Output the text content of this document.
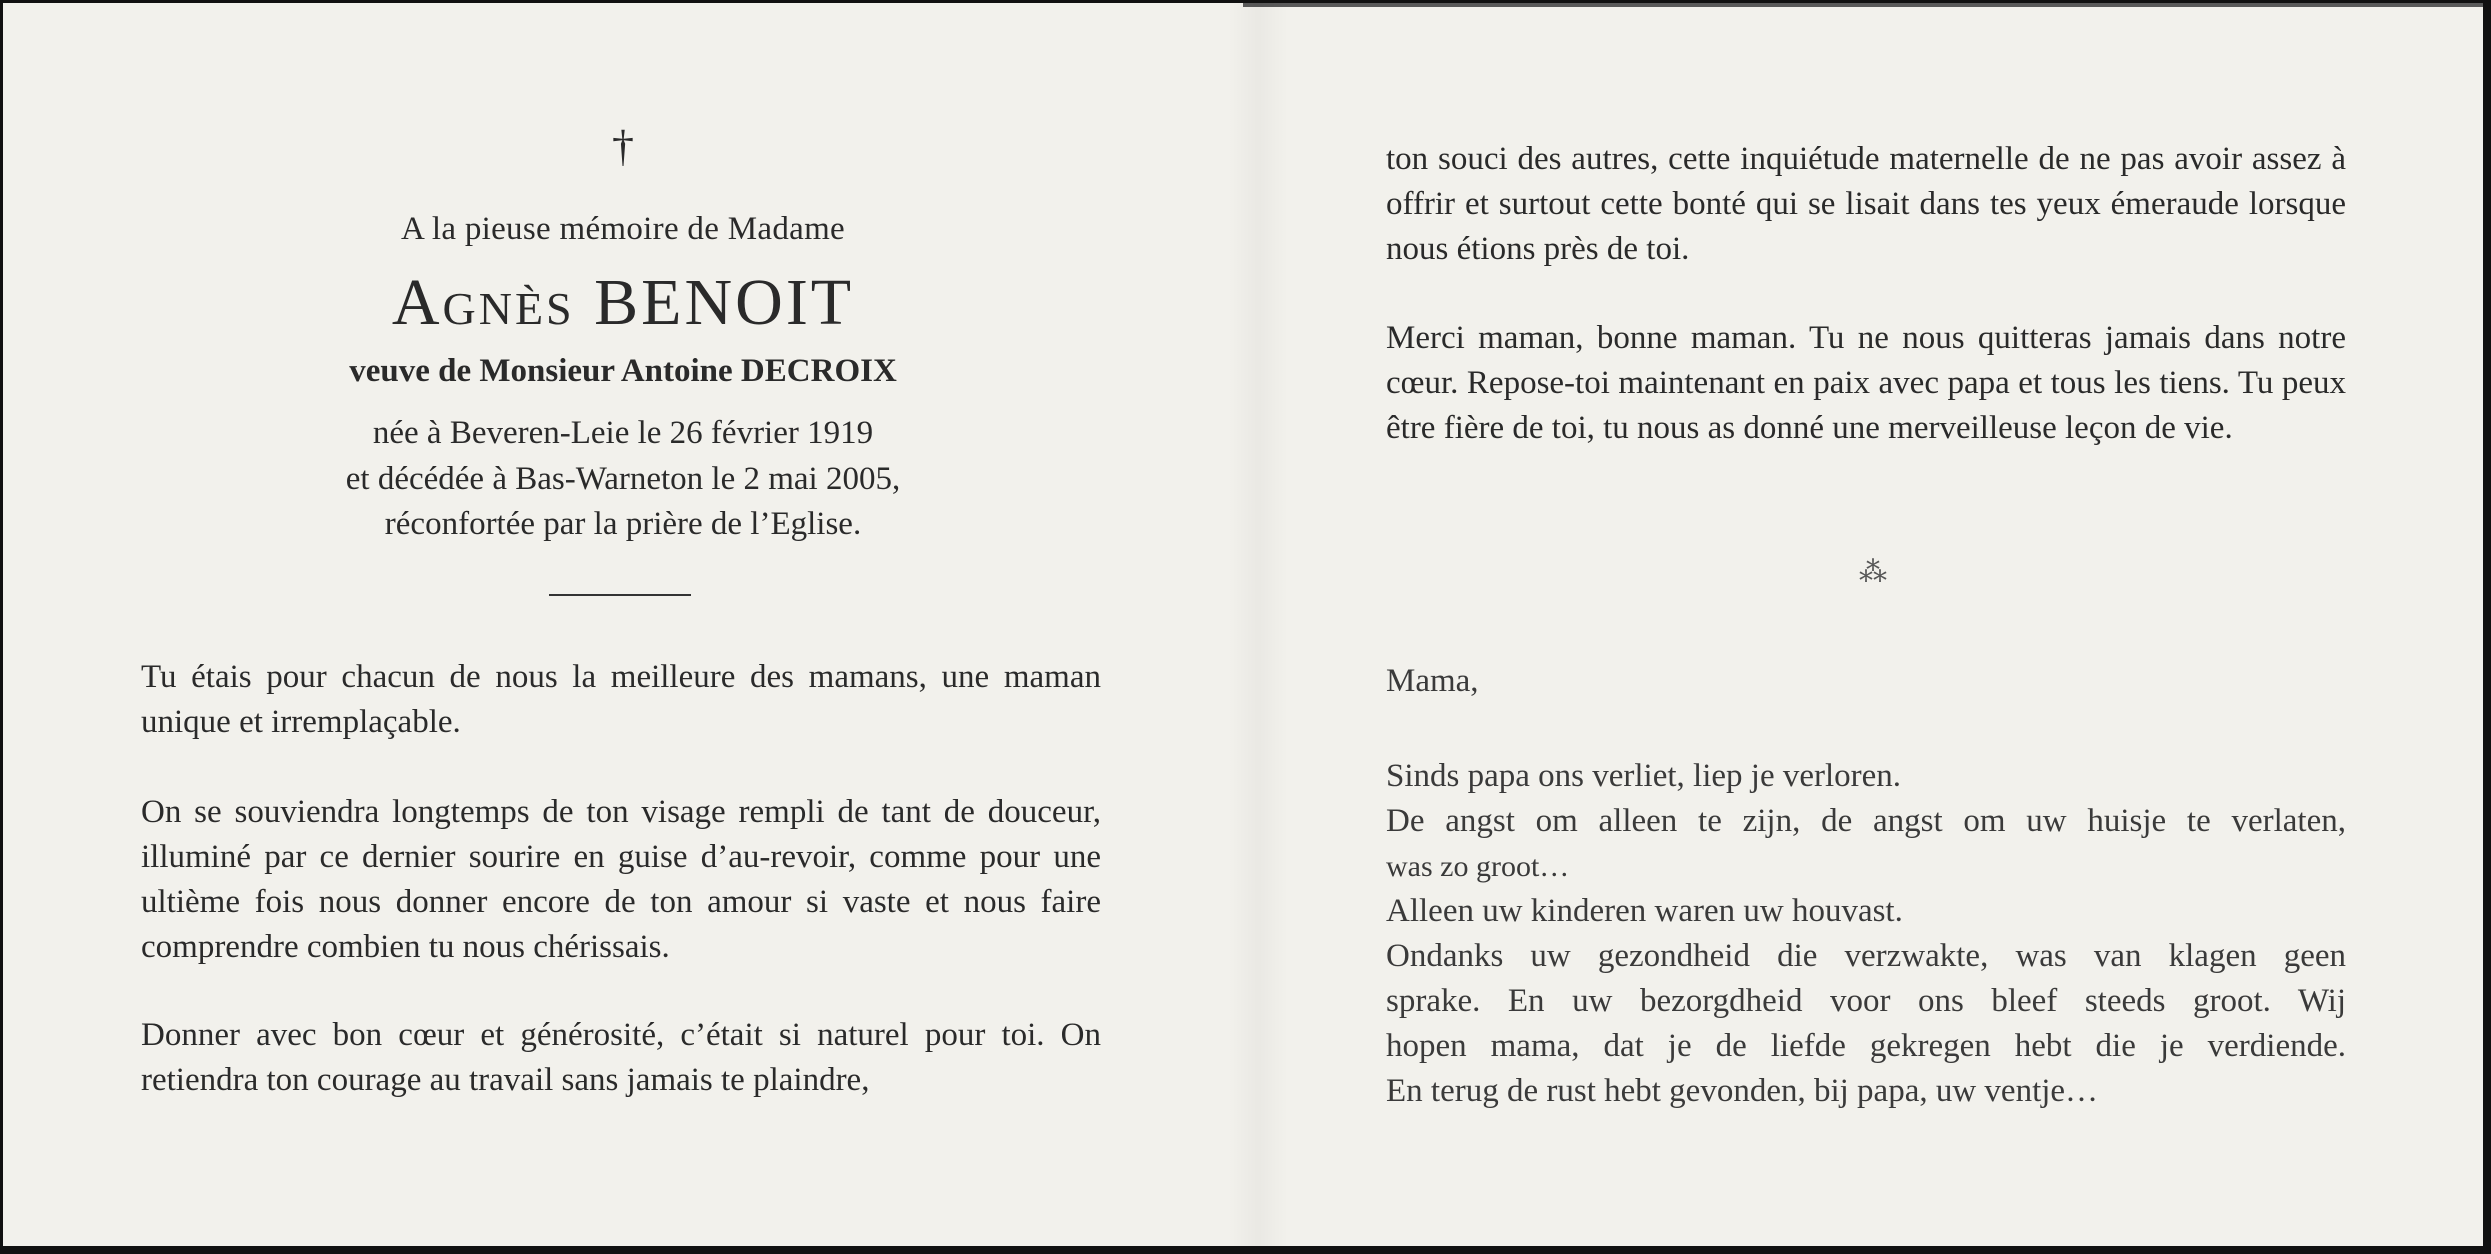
†
A la pieuse mémoire de Madame
Agnès BENOIT
veuve de Monsieur Antoine DECROIX
née à Beveren-Leie le 26 février 1919
et décédée à Bas-Warneton le 2 mai 2005,
réconfortée par la prière de l’Eglise.

Tu étais pour chacun de nous la meilleure des mamans, une maman unique et irremplaçable.

On se souviendra longtemps de ton visage rempli de tant de douceur, illuminé par ce dernier sourire en guise d’au-revoir, comme pour une ultième fois nous donner encore de ton amour si vaste et nous faire comprendre combien tu nous chérissais.

Donner avec bon cœur et générosité, c’était si naturel pour toi. On retiendra ton courage au travail sans jamais te plaindre,

ton souci des autres, cette inquiétude maternelle de ne pas avoir assez à offrir et surtout cette bonté qui se lisait dans tes yeux émeraude lorsque nous étions près de toi.

Merci maman, bonne maman. Tu ne nous quitteras jamais dans notre cœur. Repose-toi maintenant en paix avec papa et tous les tiens. Tu peux être fière de toi, tu nous as donné une merveilleuse leçon de vie.

⁂
Mama,
Sinds papa ons verliet, liep je verloren.
De angst om alleen te zijn, de angst om uw huisje te verlaten,
was zo groot…
Alleen uw kinderen waren uw houvast.
Ondanks uw gezondheid die verzwakte, was van klagen geen
sprake. En uw bezorgdheid voor ons bleef steeds groot. Wij
hopen mama, dat je de liefde gekregen hebt die je verdiende.
En terug de rust hebt gevonden, bij papa, uw ventje…
